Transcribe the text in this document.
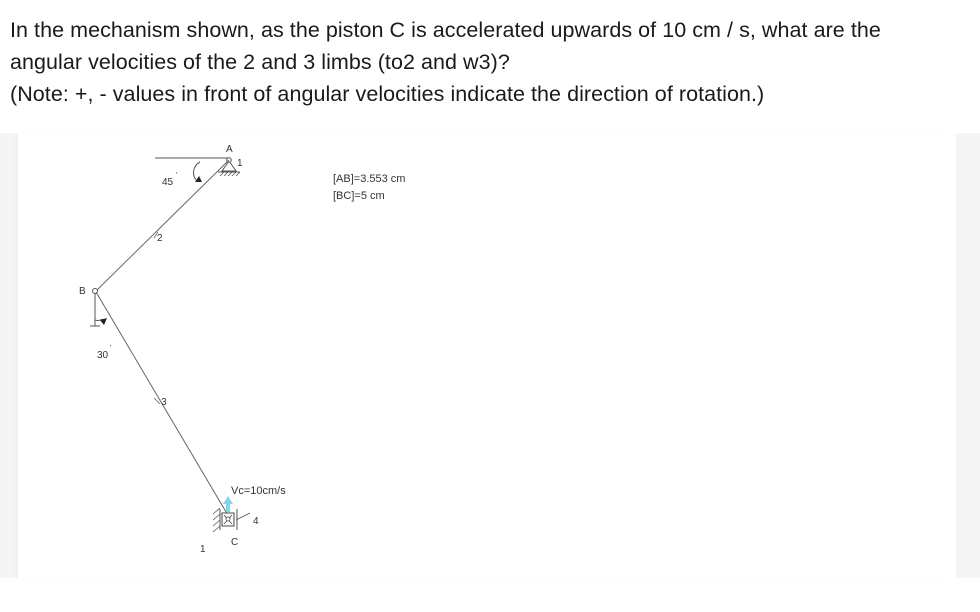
In the mechanism shown, as the piston C is accelerated upwards of 10 cm / s, what are the
angular velocities of the 2 and 3 limbs (to2 and w3)?
(Note: +, - values in front of angular velocities indicate the direction of rotation.)
A
1
45
'
2
B
30
'
3
Vc=10cm/s
4
C
1
[AB]=3.553 cm
[BC]=5 cm
